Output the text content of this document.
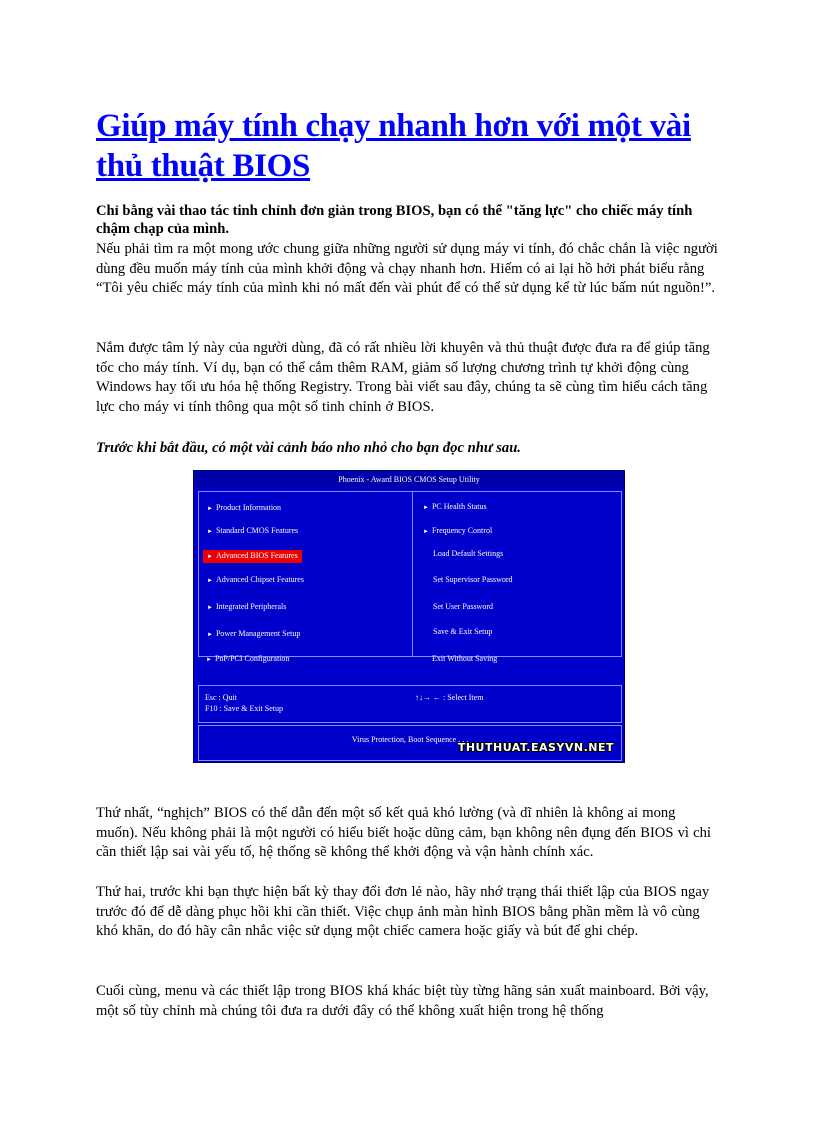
Giúp máy tính chạy nhanh hơn với một vài thủ thuật BIOS
Chỉ bằng vài thao tác tinh chỉnh đơn giản trong BIOS, bạn có thể "tăng lực" cho chiếc máy tính chậm chạp của mình.
Nếu phải tìm ra một mong ước chung giữa những người sử dụng máy vi tính, đó chắc chắn là việc người dùng đều muốn máy tính của mình khởi động và chạy nhanh hơn. Hiếm có ai lại hồ hởi phát biểu rằng “Tôi yêu chiếc máy tính của mình khi nó mất đến vài phút để có thể sử dụng kể từ lúc bấm nút nguồn!”.
Nắm được tâm lý này của người dùng, đã có rất nhiều lời khuyên và thủ thuật được đưa ra để giúp tăng tốc cho máy tính. Ví dụ, bạn có thể cắm thêm RAM, giảm số lượng chương trình tự khởi động cùng Windows hay tối ưu hóa hệ thống Registry. Trong bài viết sau đây, chúng ta sẽ cùng tìm hiểu cách tăng lực cho máy vi tính thông qua một số tinh chỉnh ở BIOS.
Trước khi bắt đầu, có một vài cảnh báo nho nhỏ cho bạn đọc như sau.
Phoenix - Award BIOS CMOS Setup Utility
► Product Information
► Standard CMOS Features
► Advanced BIOS Features
► Advanced Chipset Features
► Integrated Peripherals
► Power Management Setup
► PC Health Status
► Frequency Control
Load Default Settings
Set Supervisor Password
Set User Password
Save & Exit Setup
► PnP/PCI Configuration	Exit Without Saving
Esc : Quit
F10 : Save & Exit Setup
↑↓→ ← : Select Item
Virus Protection, Boot Sequence . . .
THUTHUAT.EASYVN.NET
Thứ nhất, “nghịch” BIOS có thể dẫn đến một số kết quả khó lường (và dĩ nhiên là không ai mong muốn). Nếu không phải là một người có hiểu biết hoặc dũng cảm, bạn không nên đụng đến BIOS vì chỉ cần thiết lập sai vài yếu tố, hệ thống sẽ không thể khởi động và vận hành chính xác.
Thứ hai, trước khi bạn thực hiện bất kỳ thay đổi đơn lẻ nào, hãy nhớ trạng thái thiết lập của BIOS ngay trước đó để dễ dàng phục hồi khi cần thiết. Việc chụp ảnh màn hình BIOS bằng phần mềm là vô cùng khó khăn, do đó hãy cân nhắc việc sử dụng một chiếc camera hoặc giấy và bút để ghi chép.
Cuối cùng, menu và các thiết lập trong BIOS khá khác biệt tùy từng hãng sản xuất mainboard. Bởi vậy, một số tùy chỉnh mà chúng tôi đưa ra dưới đây có thể không xuất hiện trong hệ thống
